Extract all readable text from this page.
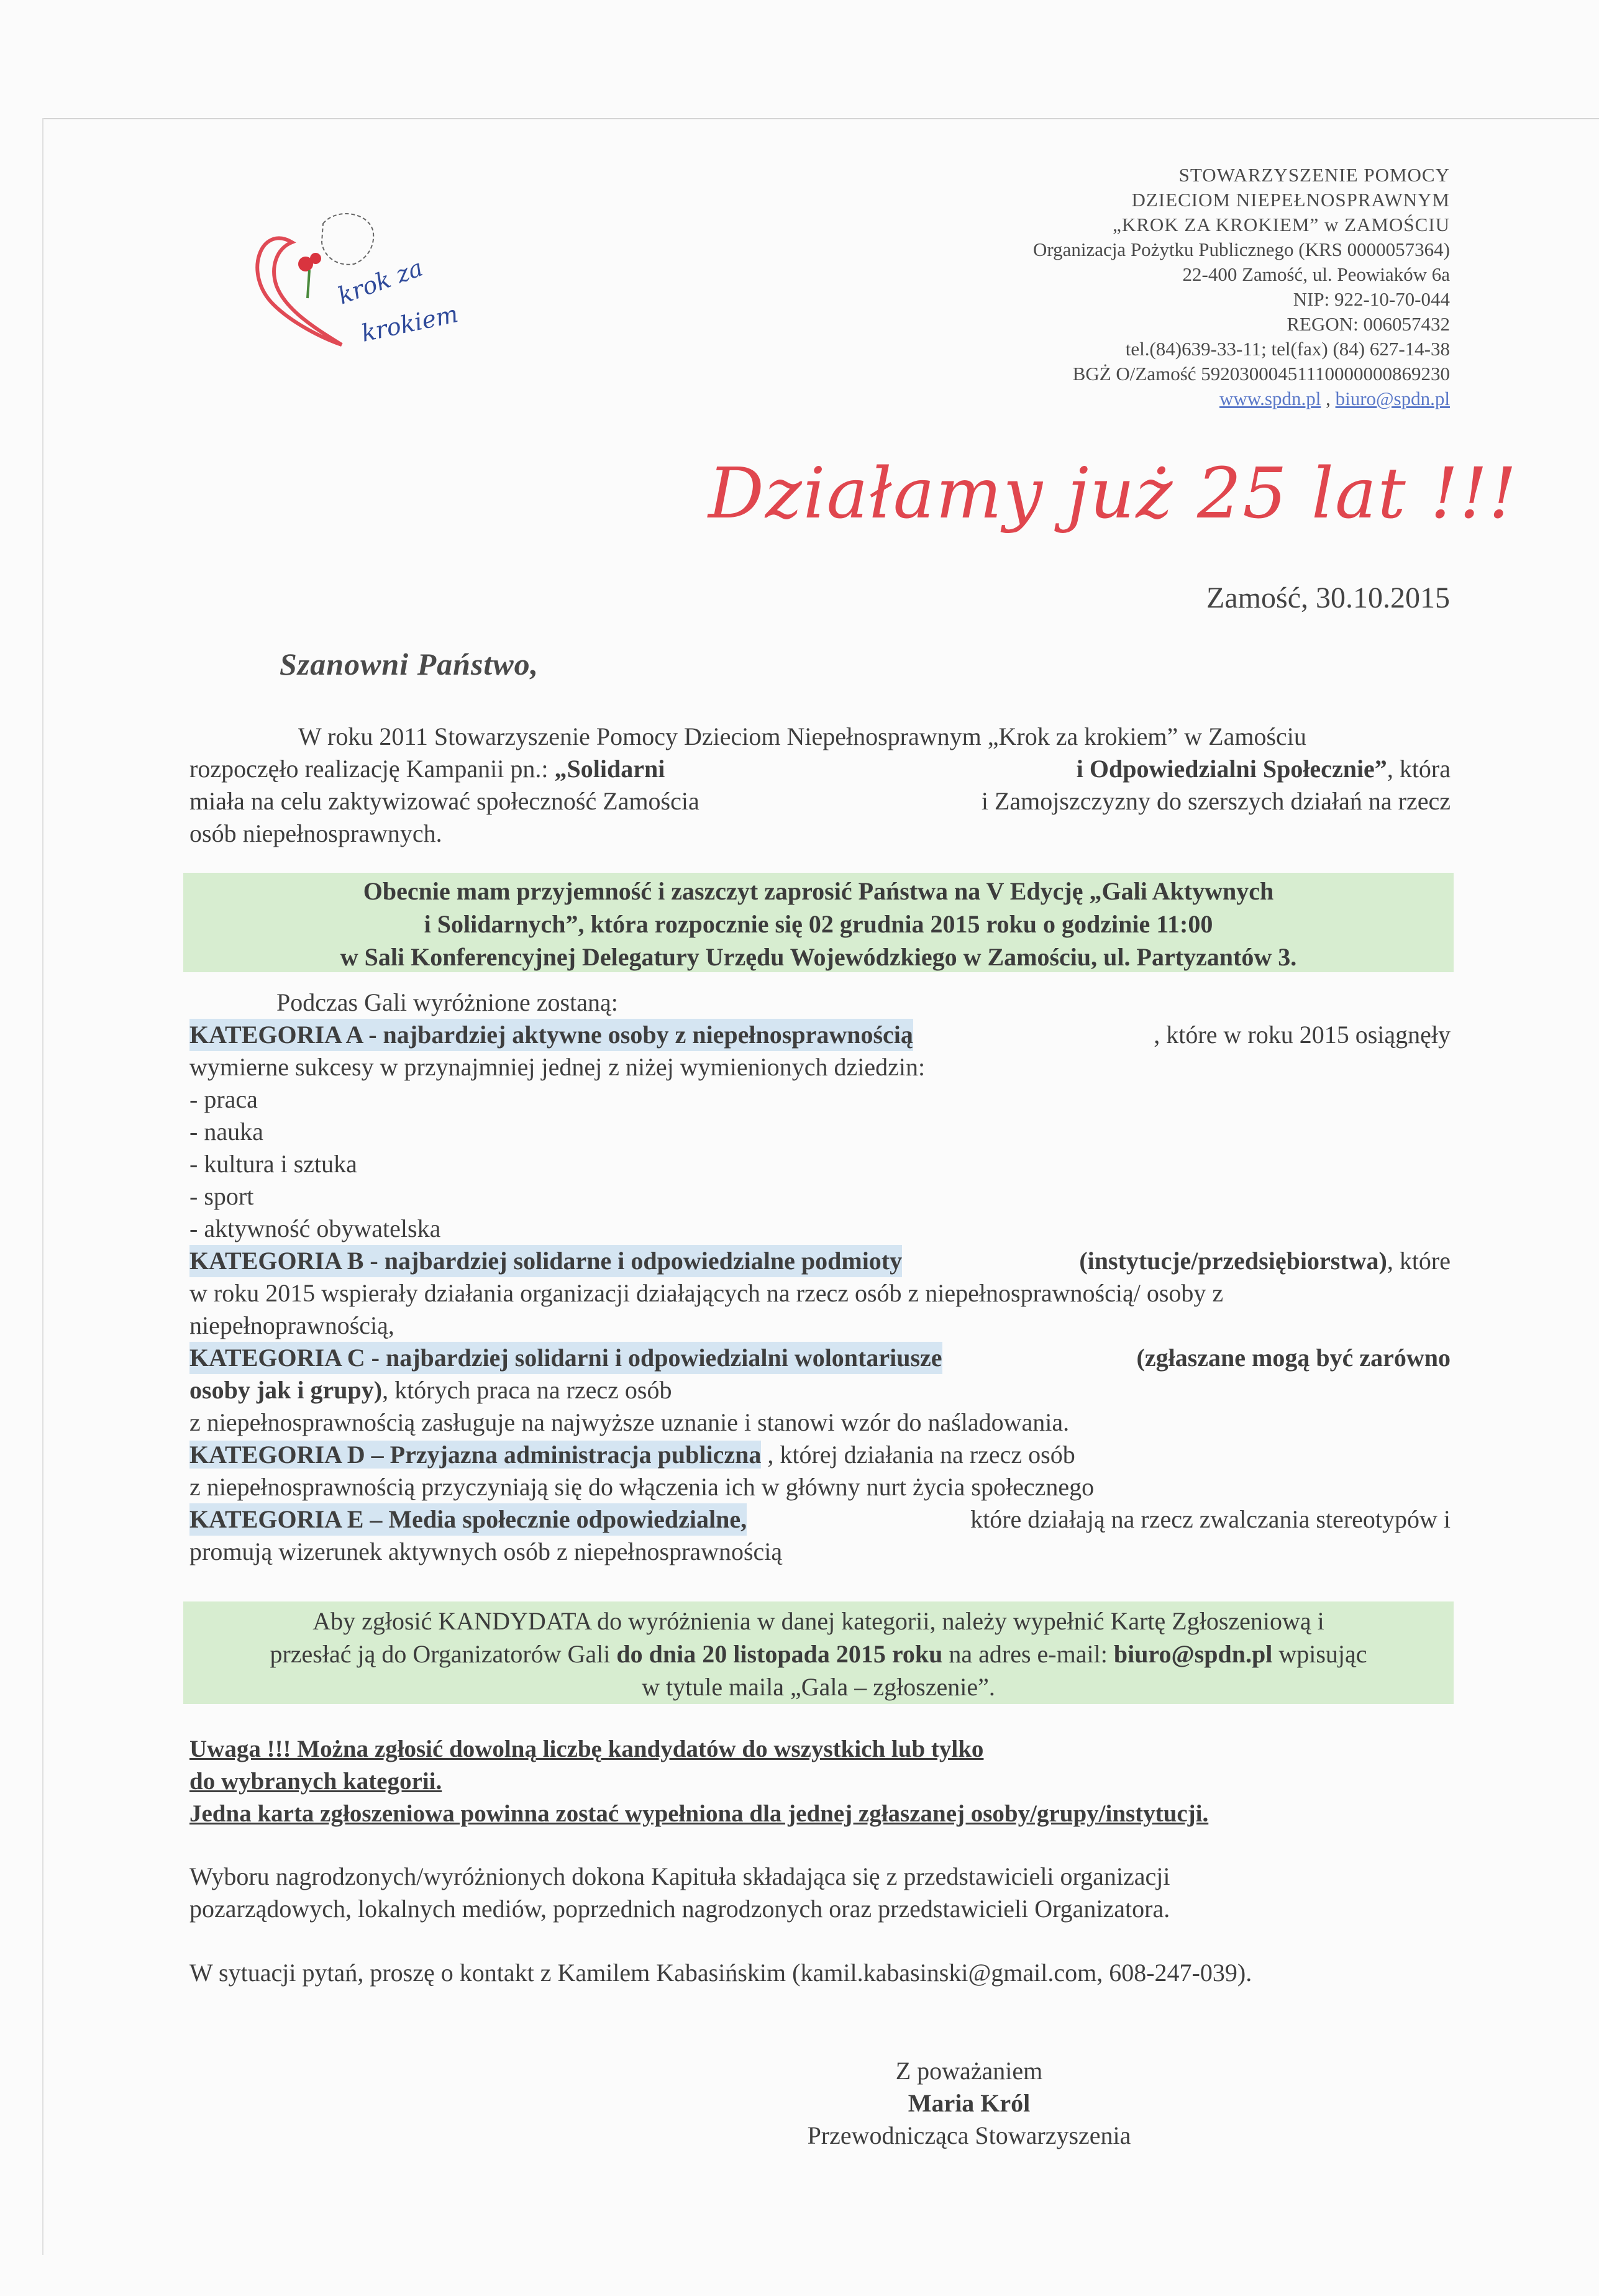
krok za
krokiem
STOWARZYSZENIE POMOCY
DZIECIOM NIEPEŁNOSPRAWNYM
„KROK ZA KROKIEM” w ZAMOŚCIU
Organizacja Pożytku Publicznego (KRS 0000057364)
22-400 Zamość, ul. Peowiaków 6a
NIP: 922-10-70-044
REGON: 006057432
tel.(84)639-33-11; tel(fax) (84) 627-14-38
BGŻ O/Zamość 59203000451110000000869230
www.spdn.pl , biuro@spdn.pl
Działamy już 25 lat !!!
Zamość, 30.10.2015
Szanowni Państwo,
W roku 2011 Stowarzyszenie Pomocy Dzieciom Niepełnosprawnym „Krok za krokiem” w Zamościu
rozpoczęło realizację Kampanii pn.: „Solidarni	i Odpowiedzialni Społecznie”, która
miała na celu zaktywizować społeczność Zamościa	i Zamojszczyzny do szerszych działań na rzecz
osób niepełnosprawnych.
Obecnie mam przyjemność i zaszczyt zaprosić Państwa na V Edycję „Gali Aktywnych
i Solidarnych”, która rozpocznie się 02 grudnia 2015 roku o godzinie 11:00
w Sali Konferencyjnej Delegatury Urzędu Wojewódzkiego w Zamościu, ul. Partyzantów 3.
Podczas Gali wyróżnione zostaną:
KATEGORIA A - najbardziej aktywne osoby z niepełnosprawnością	, które w roku 2015 osiągnęły
wymierne sukcesy w przynajmniej jednej z niżej wymienionych dziedzin:
- praca
- nauka
- kultura i sztuka
- sport
- aktywność obywatelska
KATEGORIA B - najbardziej solidarne i odpowiedzialne podmioty	(instytucje/przedsiębiorstwa), które
w roku 2015 wspierały działania organizacji działających na rzecz osób z niepełnosprawnością/ osoby z
niepełnoprawnością,
KATEGORIA C - najbardziej solidarni i odpowiedzialni wolontariusze	(zgłaszane mogą być zarówno
osoby jak i grupy), których praca na rzecz osób
z niepełnosprawnością zasługuje na najwyższe uznanie i stanowi wzór do naśladowania.
KATEGORIA D – Przyjazna administracja publiczna , której działania na rzecz osób
z niepełnosprawnością przyczyniają się do włączenia ich w główny nurt życia społecznego
KATEGORIA E – Media społecznie odpowiedzialne,	które działają na rzecz zwalczania stereotypów i
promują wizerunek aktywnych osób z niepełnosprawnością
Aby zgłosić KANDYDATA do wyróżnienia w danej kategorii, należy wypełnić Kartę Zgłoszeniową i
przesłać ją do Organizatorów Gali do dnia 20 listopada 2015 roku na adres e-mail: biuro@spdn.pl wpisując
w tytule maila „Gala – zgłoszenie”.
Uwaga !!! Można zgłosić dowolną liczbę kandydatów do wszystkich lub tylko
do wybranych kategorii.
Jedna karta zgłoszeniowa powinna zostać wypełniona dla jednej zgłaszanej osoby/grupy/instytucji.
Wyboru nagrodzonych/wyróżnionych dokona Kapituła składająca się z przedstawicieli organizacji
pozarządowych, lokalnych mediów, poprzednich nagrodzonych oraz przedstawicieli Organizatora.
W sytuacji pytań, proszę o kontakt z Kamilem Kabasińskim (kamil.kabasinski@gmail.com, 608-247-039).
Z poważaniem
Maria Król
Przewodnicząca Stowarzyszenia
